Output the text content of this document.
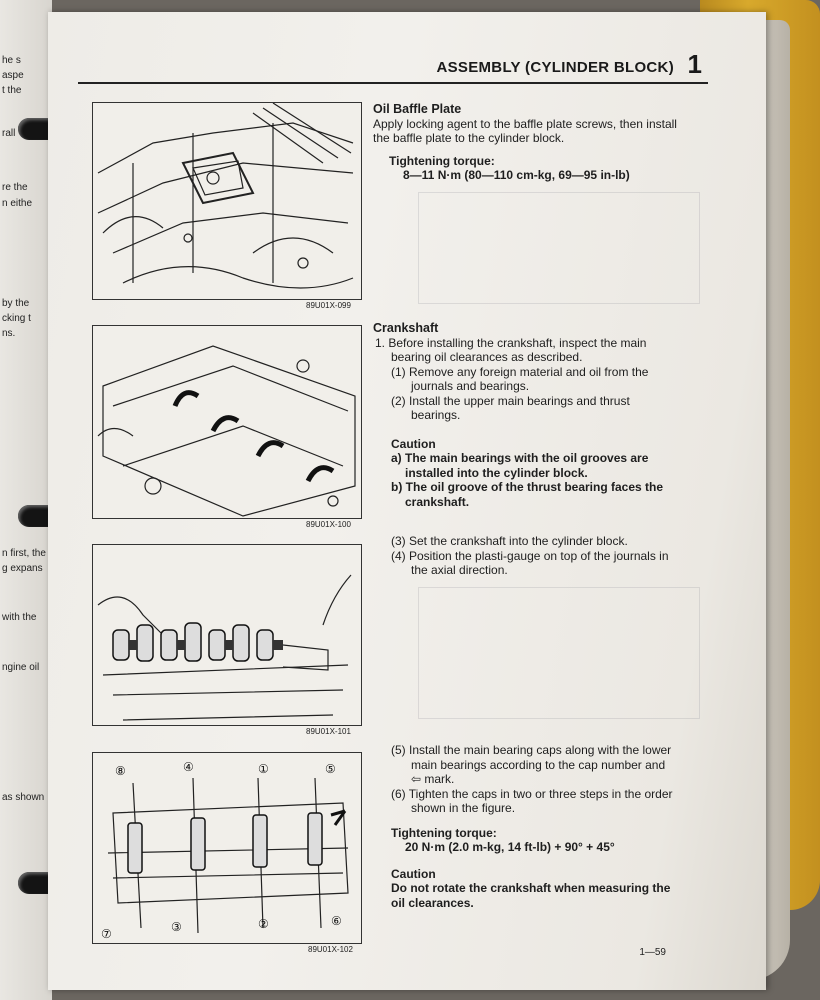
he s
aspe
t the
rall
re the
n eithe
by the
cking t
ns.
n first, the
g expans
with the
ngine oil
as shown
ASSEMBLY (CYLINDER BLOCK) 1
89U01X-099
89U01X-100
89U01X-101
⑧	④	①	⑤
⑦	③	②	⑥
89U01X-102
Oil Baffle Plate
Apply locking agent to the baffle plate screws, then install the baffle plate to the cylinder block.
Tightening torque:
8—11 N·m (80—110 cm-kg, 69—95 in-lb)
Crankshaft
1. Before installing the crankshaft, inspect the main bearing oil clearances as described.
(1) Remove any foreign material and oil from the journals and bearings.
(2) Install the upper main bearings and thrust bearings.
Caution
a) The main bearings with the oil grooves are installed into the cylinder block.
b) The oil groove of the thrust bearing faces the crankshaft.
(3) Set the crankshaft into the cylinder block.
(4) Position the plasti-gauge on top of the journals in the axial direction.
(5) Install the main bearing caps along with the lower main bearings according to the cap number and ⇦ mark.
(6) Tighten the caps in two or three steps in the order shown in the figure.
Tightening torque:
20 N·m (2.0 m-kg, 14 ft-lb) + 90° + 45°
Caution
Do not rotate the crankshaft when measuring the oil clearances.
1—59
